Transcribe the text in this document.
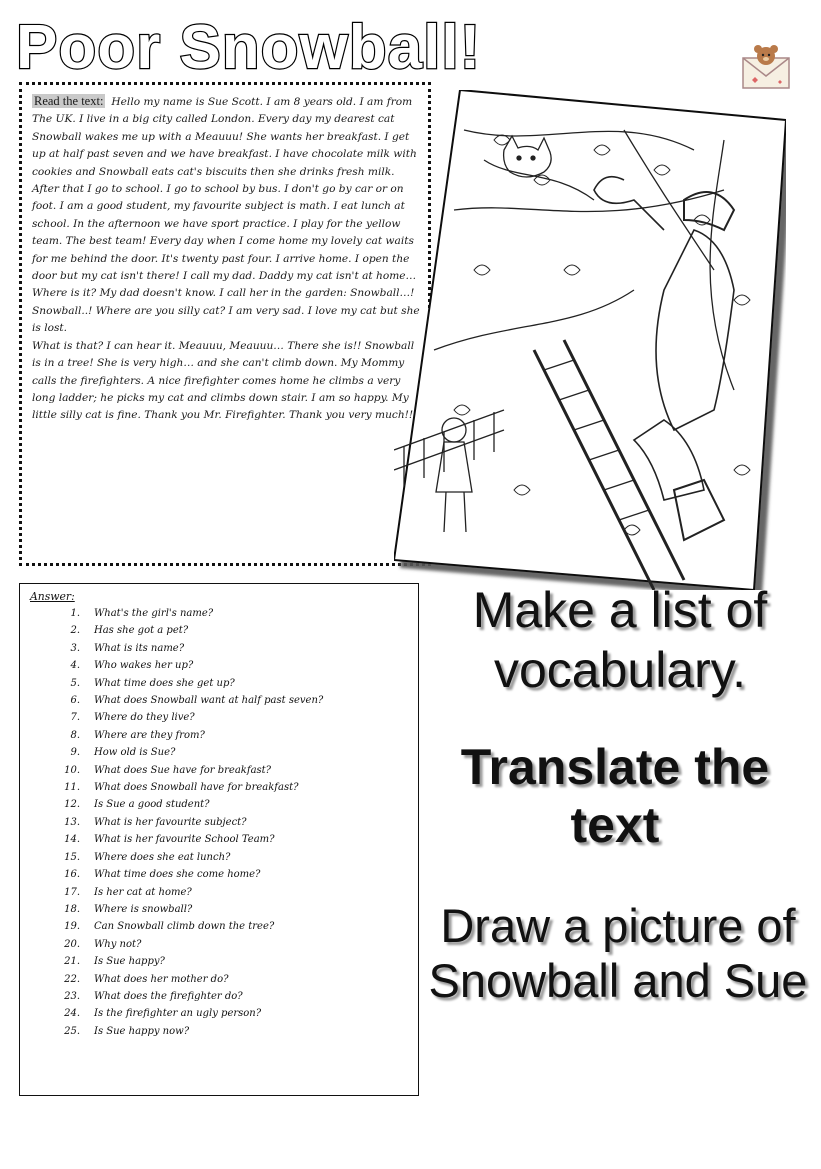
Poor Snowball!

Read the text: Hello my name is Sue Scott. I am 8 years old. I am from The UK. I live in a big city called London. Every day my dearest cat Snowball wakes me up with a Meauuu! She wants her breakfast. I get up at half past seven and we have breakfast. I have chocolate milk with cookies and Snowball eats cat's biscuits then she drinks fresh milk. After that I go to school. I go to school by bus. I don't go by car or on foot. I am a good student, my favourite subject is math. I eat lunch at school. In the afternoon we have sport practice. I play for the yellow team. The best team! Every day when I come home my lovely cat waits for me behind the door. It's twenty past four. I arrive home. I open the door but my cat isn't there! I call my dad. Daddy my cat isn't at home… Where is it? My dad doesn't know. I call her in the garden: Snowball…! Snowball..! Where are you silly cat? I am very sad. I love my cat but she is lost.
What is that? I can hear it. Meauuu, Meauuu… There she is!! Snowball is in a tree! She is very high… and she can't climb down. My Mommy calls the firefighters. A nice firefighter comes home he climbs a very long ladder; he picks my cat and climbs down stair. I am so happy. My little silly cat is fine. Thank you Mr. Firefighter. Thank you very much!!

Answer:
1. What's the girl's name?
2. Has she got a pet?
3. What is its name?
4. Who wakes her up?
5. What time does she get up?
6. What does Snowball want at half past seven?
7. Where do they live?
8. Where are they from?
9. How old is Sue?
10. What does Sue have for breakfast?
11. What does Snowball have for breakfast?
12. Is Sue a good student?
13. What is her favourite subject?
14. What is her favourite School Team?
15. Where does she eat lunch?
16. What time does she come home?
17. Is her cat at home?
18. Where is snowball?
19. Can Snowball climb down the tree?
20. Why not?
21. Is Sue happy?
22. What does her mother do?
23. What does the firefighter do?
24. Is the firefighter an ugly person?
25. Is Sue happy now?

Make a list of vocabulary.

Translate the text

Draw a picture of Snowball and Sue
